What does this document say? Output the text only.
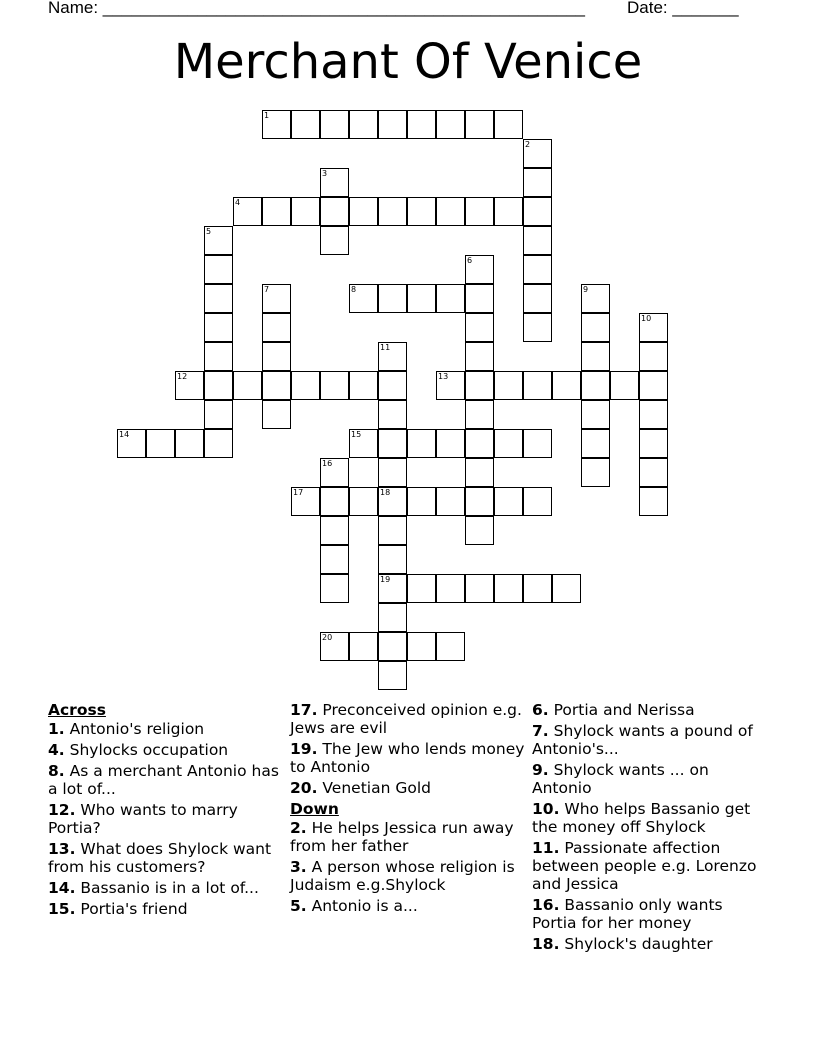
Name: ___________________________________________________ Date: _______
Merchant Of Venice
1
4
8
12	13
14	15
17	18
19
20
2
3
5
6
7	9
10
11
16
Across
1. Antonio's religion
4. Shylocks occupation
8. As a merchant Antonio has a lot of...
12. Who wants to marry Portia?
13. What does Shylock want from his customers?
14. Bassanio is in a lot of...
15. Portia's friend
17. Preconceived opinion e.g. Jews are evil
19. The Jew who lends money to Antonio
20. Venetian Gold
Down
2. He helps Jessica run away from her father
3. A person whose religion is Judaism e.g.Shylock
5. Antonio is a...
6. Portia and Nerissa
7. Shylock wants a pound of Antonio's...
9. Shylock wants ... on Antonio
10. Who helps Bassanio get the money off Shylock
11. Passionate affection between people e.g. Lorenzo and Jessica
16. Bassanio only wants Portia for her money
18. Shylock's daughter
